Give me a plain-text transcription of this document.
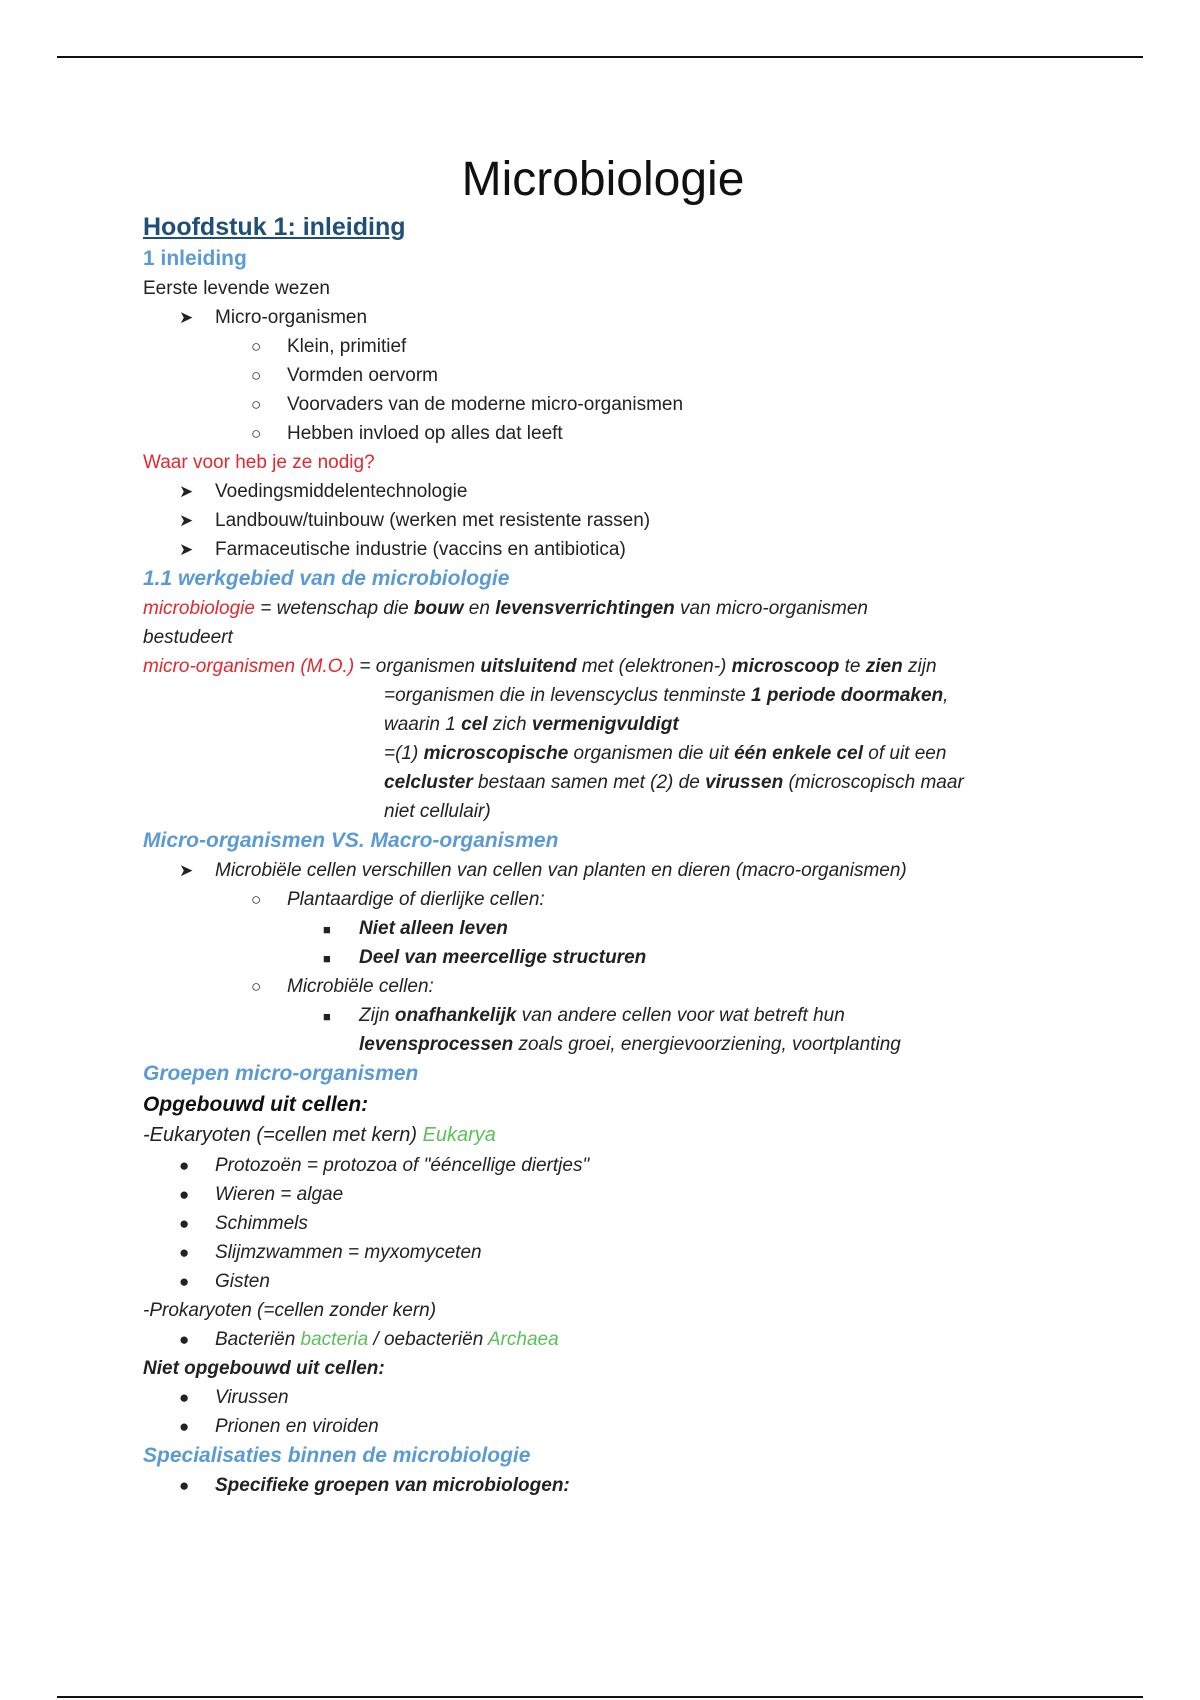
Microbiologie
Hoofdstuk 1: inleiding
1 inleiding
Eerste levende wezen
➤ Micro-organismen
○ Klein, primitief
○ Vormden oervorm
○ Voorvaders van de moderne micro-organismen
○ Hebben invloed op alles dat leeft
Waar voor heb je ze nodig?
➤ Voedingsmiddelentechnologie
➤ Landbouw/tuinbouw (werken met resistente rassen)
➤ Farmaceutische industrie (vaccins en antibiotica)
1.1 werkgebied van de microbiologie
microbiologie = wetenschap die bouw en levensverrichtingen van micro-organismen
bestudeert
micro-organismen (M.O.) = organismen uitsluitend met (elektronen-) microscoop te zien zijn
=organismen die in levenscyclus tenminste 1 periode doormaken,
waarin 1 cel zich vermenigvuldigt
=(1) microscopische organismen die uit één enkele cel of uit een
celcluster bestaan samen met (2) de virussen (microscopisch maar
niet cellulair)
Micro-organismen VS. Macro-organismen
➤ Microbiële cellen verschillen van cellen van planten en dieren (macro-organismen)
○ Plantaardige of dierlijke cellen:
■ Niet alleen leven
■ Deel van meercellige structuren
○ Microbiële cellen:
■ Zijn onafhankelijk van andere cellen voor wat betreft hun
levensprocessen zoals groei, energievoorziening, voortplanting
Groepen micro-organismen
Opgebouwd uit cellen:
-Eukaryoten (=cellen met kern) Eukarya
● Protozoën = protozoa of "ééncellige diertjes"
● Wieren = algae
● Schimmels
● Slijmzwammen = myxomyceten
● Gisten
-Prokaryoten (=cellen zonder kern)
● Bacteriën bacteria / oebacteriën Archaea
Niet opgebouwd uit cellen:
● Virussen
● Prionen en viroiden
Specialisaties binnen de microbiologie
● Specifieke groepen van microbiologen:
